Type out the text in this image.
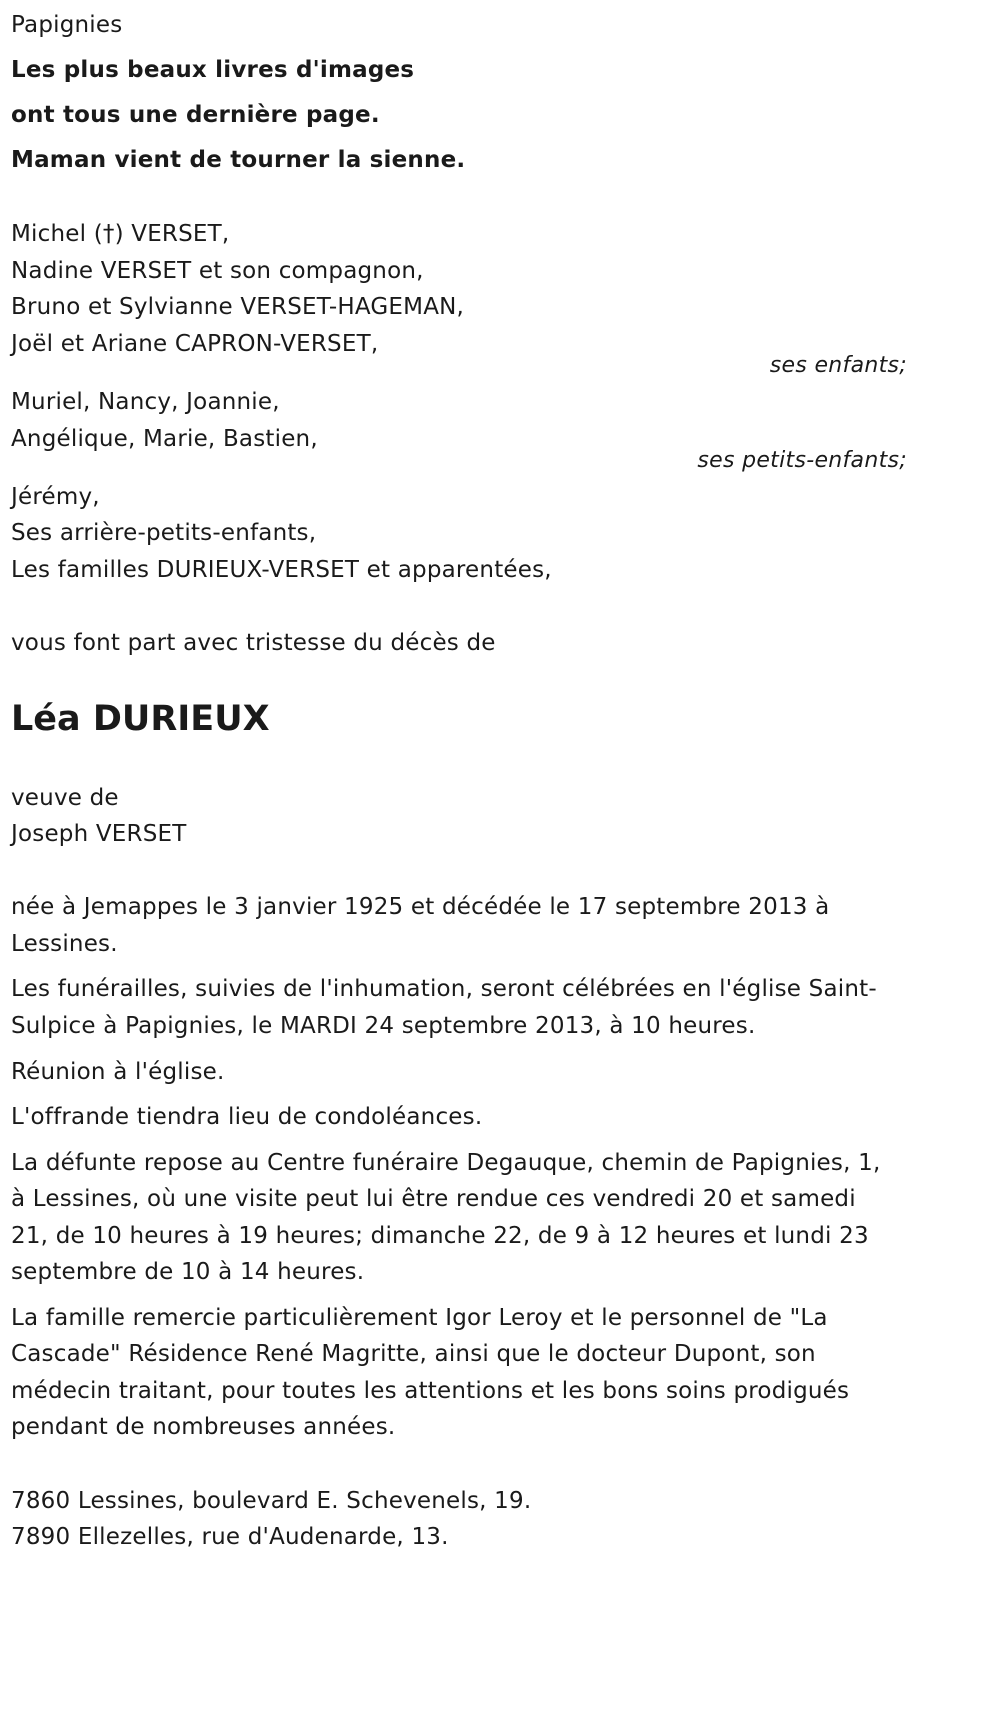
Papignies
Les plus beaux livres d'images
ont tous une dernière page.
Maman vient de tourner la sienne.
Michel (†) VERSET,
Nadine VERSET et son compagnon,
Bruno et Sylvianne VERSET-HAGEMAN,
Joël et Ariane CAPRON-VERSET,
ses enfants;
Muriel, Nancy, Joannie,
Angélique, Marie, Bastien,
ses petits-enfants;
Jérémy,
Ses arrière-petits-enfants,
Les familles DURIEUX-VERSET et apparentées,
vous font part avec tristesse du décès de
Léa DURIEUX
veuve de
Joseph VERSET
née à Jemappes le 3 janvier 1925 et décédée le 17 septembre 2013 à
Lessines.
Les funérailles, suivies de l'inhumation, seront célébrées en l'église Saint-
Sulpice à Papignies, le MARDI 24 septembre 2013, à 10 heures.
Réunion à l'église.
L'offrande tiendra lieu de condoléances.
La défunte repose au Centre funéraire Degauque, chemin de Papignies, 1,
à Lessines, où une visite peut lui être rendue ces vendredi 20 et samedi
21, de 10 heures à 19 heures; dimanche 22, de 9 à 12 heures et lundi 23
septembre de 10 à 14 heures.
La famille remercie particulièrement Igor Leroy et le personnel de "La
Cascade" Résidence René Magritte, ainsi que le docteur Dupont, son
médecin traitant, pour toutes les attentions et les bons soins prodigués
pendant de nombreuses années.
7860 Lessines, boulevard E. Schevenels, 19.
7890 Ellezelles, rue d'Audenarde, 13.
